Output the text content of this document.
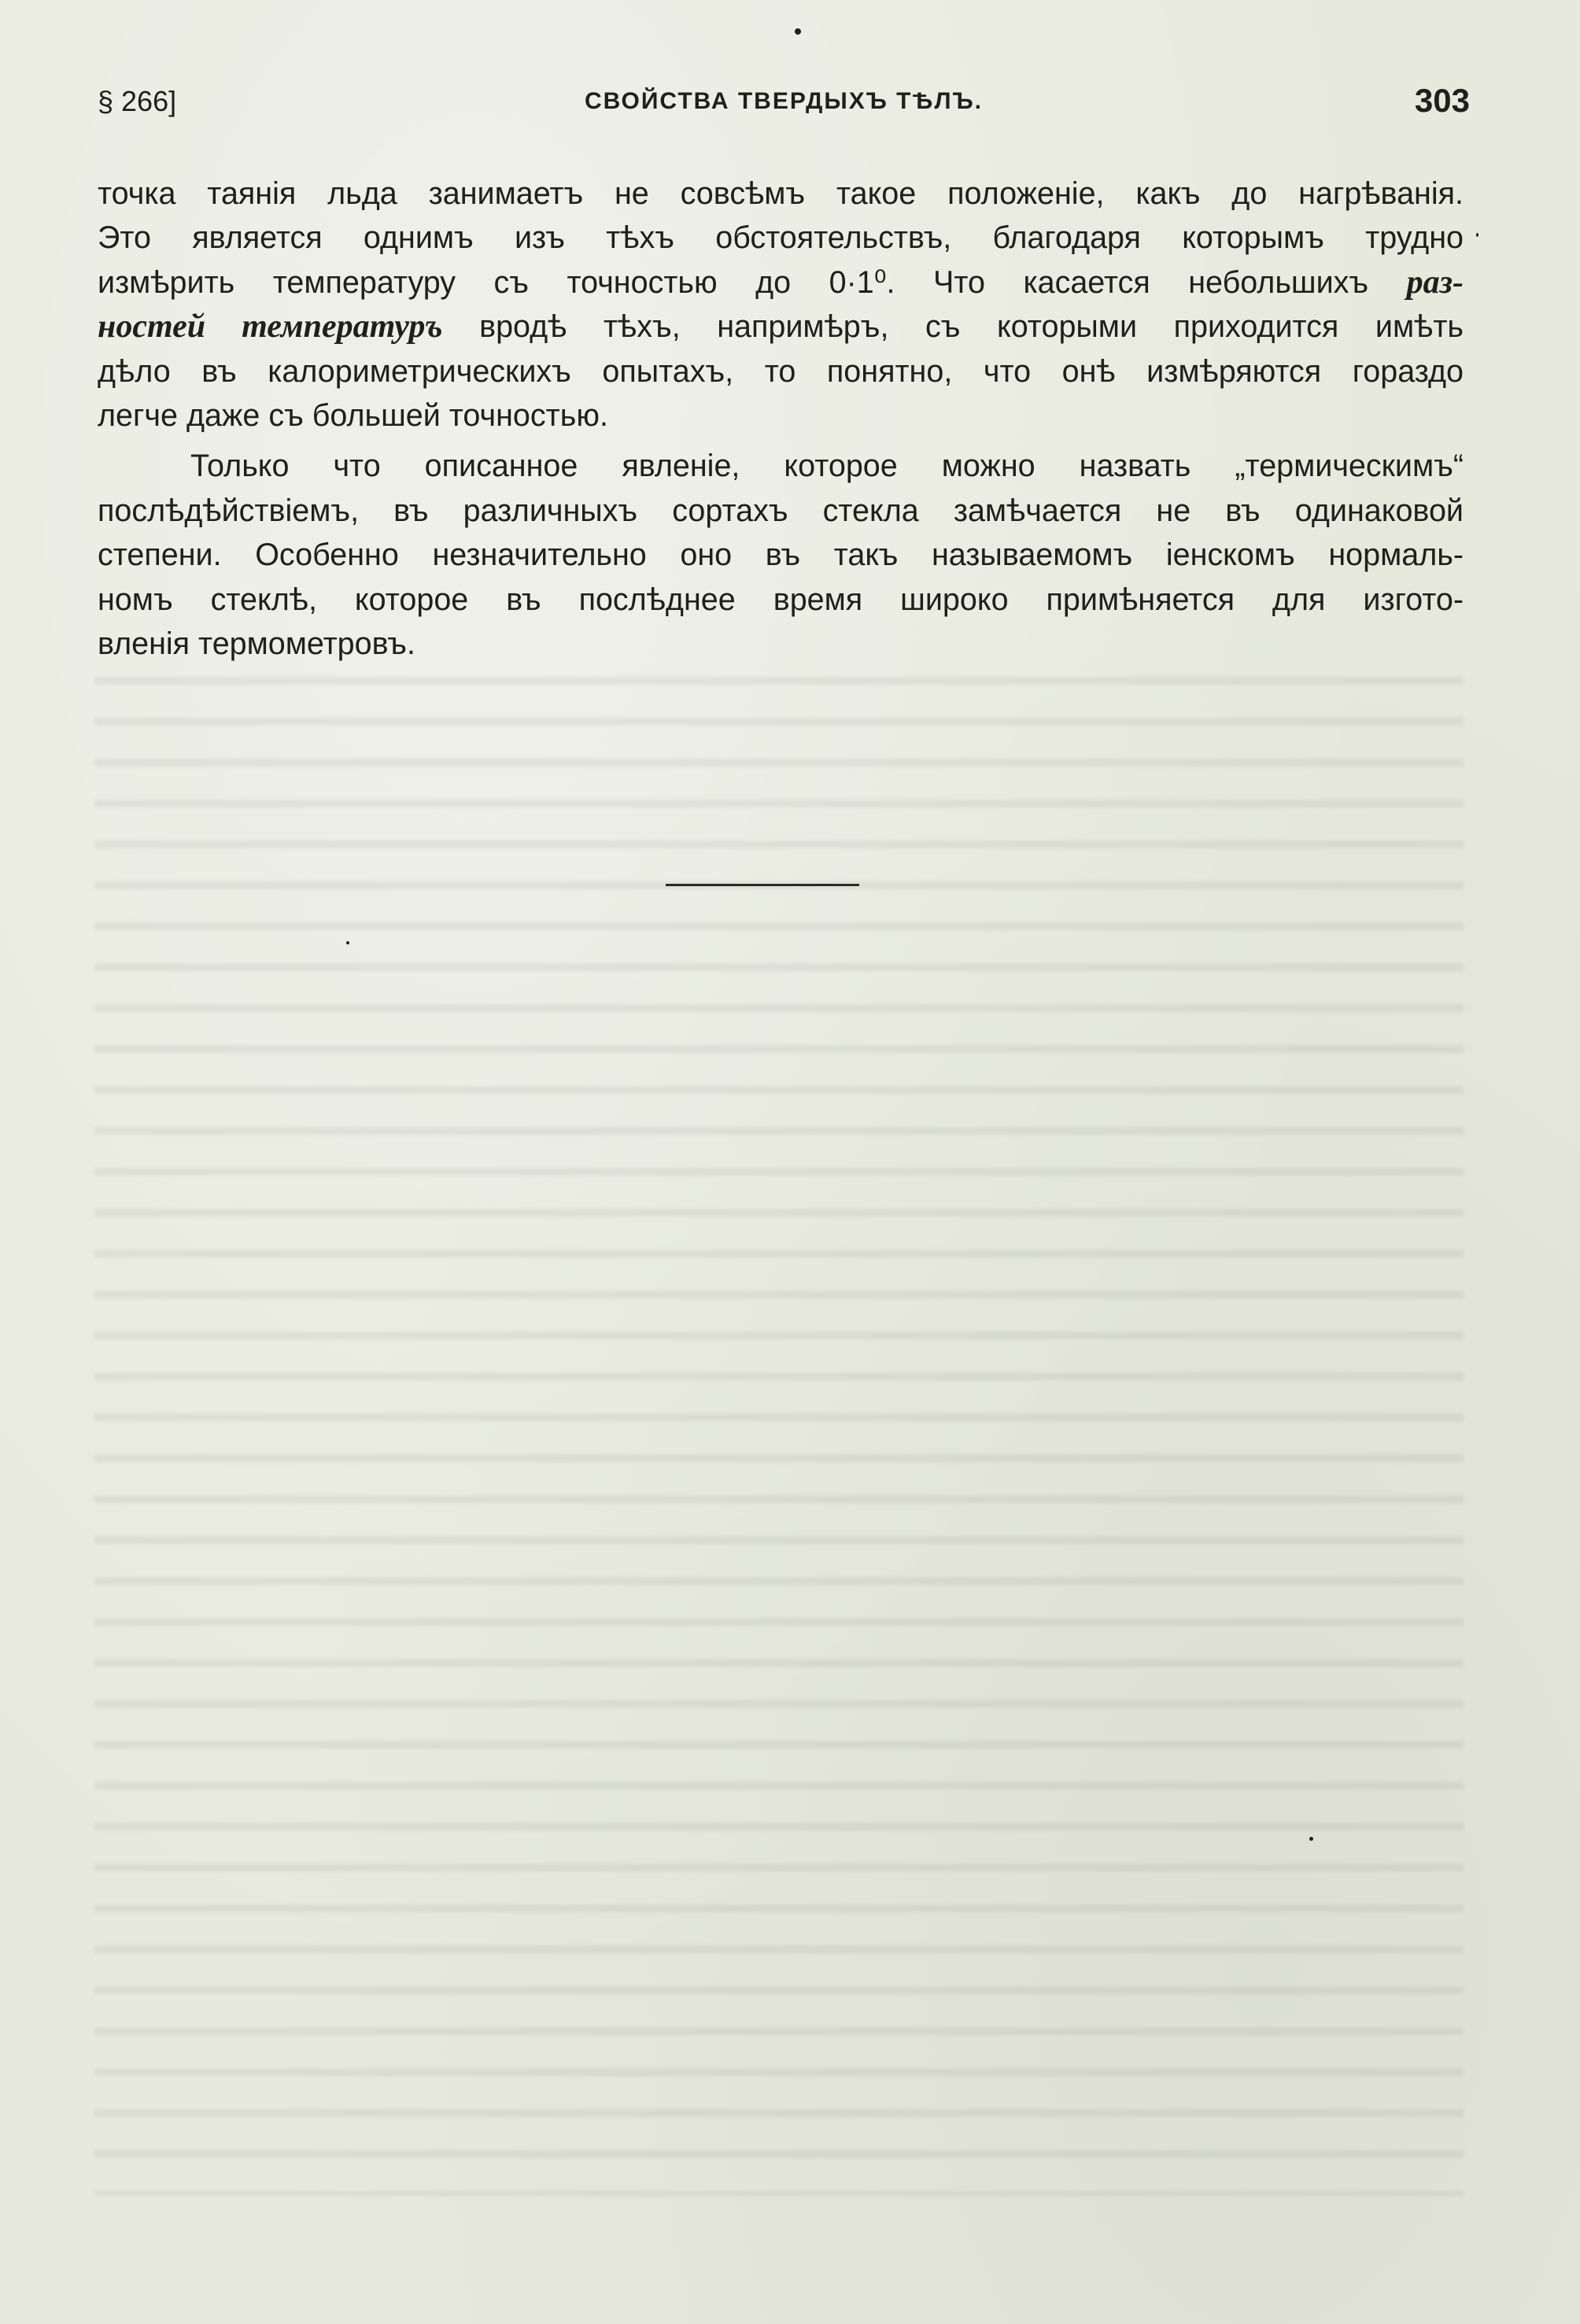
§ 266]	СВОЙСТВА ТВЕРДЫХЪ ТѢЛЪ.	303
точка таянія льда занимаетъ не совсѣмъ такое положеніе, какъ до нагрѣванія.
Это является однимъ изъ тѣхъ обстоятельствъ, благодаря которымъ трудно
измѣрить температуру съ точностью до 0·1⁰. Что касается небольшихъ раз-
ностей температуръ вродѣ тѣхъ, напримѣръ, съ которыми приходится имѣть
дѣло въ калориметрическихъ опытахъ, то понятно, что онѣ измѣряются гораздо
легче даже съ большей точностью.
Только что описанное явленіе, которое можно назвать „термическимъ“
послѣдѣйствіемъ, въ различныхъ сортахъ стекла замѣчается не въ одинаковой
степени. Особенно незначительно оно въ такъ называемомъ іенскомъ нормаль-
номъ стеклѣ, которое въ послѣднее время широко примѣняется для изгото-
вленія термометровъ.
